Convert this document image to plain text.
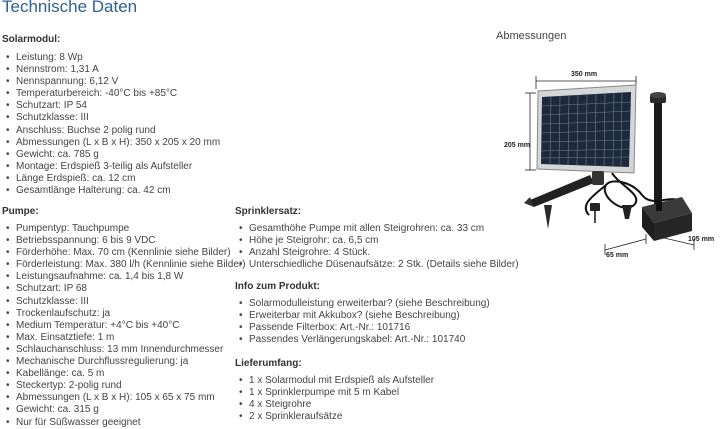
Technische Daten
Solarmodul:
• Leistung: 8 Wp
• Nennstrom: 1,31 A
• Nennspannung: 6,12 V
• Temperaturbereich: -40°C bis +85°C
• Schutzart: IP 54
• Schutzklasse: III
• Anschluss: Buchse 2 polig rund
• Abmessungen (L x B x H): 350 x 205 x 20 mm
• Gewicht: ca. 785 g
• Montage: Erdspieß 3-teilig als Aufsteller
• Länge Erdspieß: ca. 12 cm
• Gesamtlänge Halterung: ca. 42 cm
Pumpe:
• Pumpentyp: Tauchpumpe
• Betriebsspannung: 6 bis 9 VDC
• Förderhöhe: Max. 70 cm (Kennlinie siehe Bilder)
• Förderleistung: Max. 380 l/h (Kennlinie siehe Bilder)
• Leistungsaufnahme: ca. 1,4 bis 1,8 W
• Schutzart: IP 68
• Schutzklasse: III
• Trockenlaufschutz: ja
• Medium Temperatur: +4°C bis +40°C
• Max. Einsatztiefe: 1 m
• Schlauchanschluss: 13 mm Innendurchmesser
• Mechanische Durchflussregulierung: ja
• Kabellänge: ca. 5 m
• Steckertyp: 2-polig rund
• Abmessungen (L x B x H): 105 x 65 x 75 mm
• Gewicht: ca. 315 g
• Nur für Süßwasser geeignet
Sprinklersatz:
• Gesamthöhe Pumpe mit allen Steigrohren: ca. 33 cm
• Höhe je Steigrohr: ca. 6,5 cm
• Anzahl Steigrohre: 4 Stück.
• Unterschiedliche Düsenaufsätze: 2 Stk. (Details siehe Bilder)
Info zum Produkt:
• Solarmodulleistung erweiterbar? (siehe Beschreibung)
• Erweiterbar mit Akkubox? (siehe Beschreibung)
• Passende Filterbox: Art.-Nr.: 101716
• Passendes Verlängerungskabel: Art.-Nr.: 101740
Lieferumfang:
• 1 x Solarmodul mit Erdspieß als Aufsteller
• 1 x Sprinklerpumpe mit 5 m Kabel
• 4 x Steigrohre
• 2 x Sprinkleraufsätze
Abmessungen
350 mm
205 mm
65 mm
105 mm
